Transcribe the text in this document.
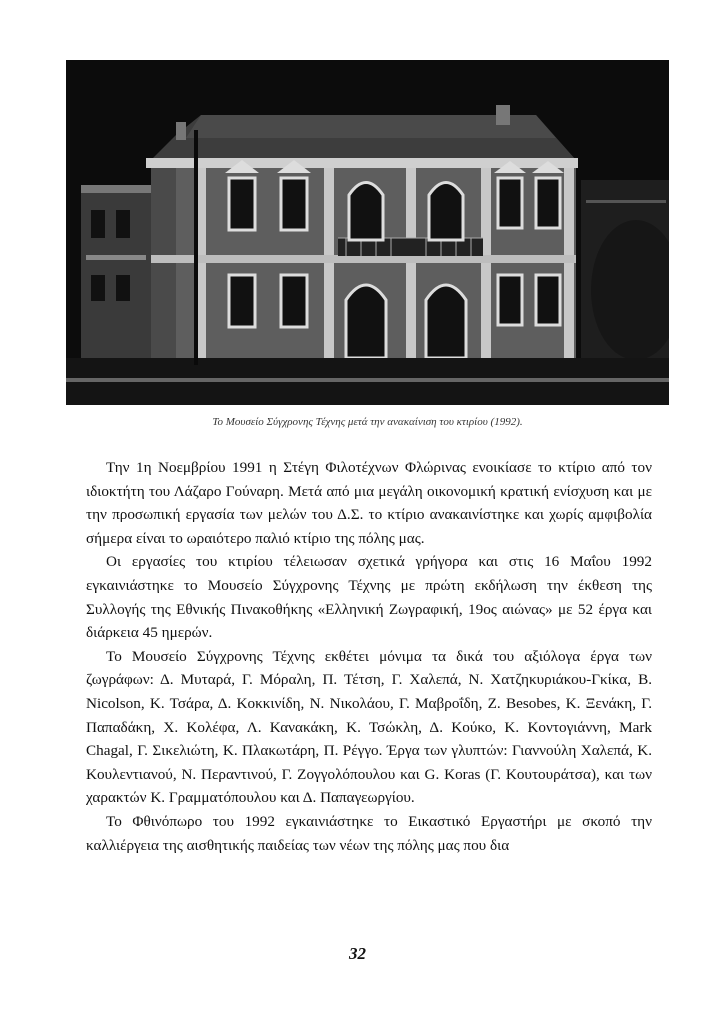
Το Μουσείο Σύγχρονης Τέχνης μετά την ανακαίνιση του κτιρίου (1992).

Την 1η Νοεμβρίου 1991 η Στέγη Φιλοτέχνων Φλώρινας ενοικίασε το κτίριο από τον ιδιοκτήτη του Λάζαρο Γούναρη. Μετά από μια μεγάλη οικονομική κρατική ενίσχυση και με την προσωπική εργασία των μελών του Δ.Σ. το κτίριο ανακαινίστηκε και χωρίς αμφιβολία σήμερα είναι το ωραιότερο παλιό κτίριο της πόλης μας.

Οι εργασίες του κτιρίου τέλειωσαν σχετικά γρήγορα και στις 16 Μαΐου 1992 εγκαινιάστηκε το Μουσείο Σύγχρονης Τέχνης με πρώτη εκδήλωση την έκθεση της Συλλογής της Εθνικής Πινακοθήκης «Ελληνική Ζωγραφική, 19ος αιώνας» με 52 έργα και διάρκεια 45 ημερών.

Το Μουσείο Σύγχρονης Τέχνης εκθέτει μόνιμα τα δικά του αξιόλογα έργα των ζωγράφων: Δ. Μυταρά, Γ. Μόραλη, Π. Τέτση, Γ. Χαλεπά, Ν. Χατζηκυριάκου-Γκίκα, B. Nicolson, Κ. Τσάρα, Δ. Κοκκινίδη, Ν. Νικολάου, Γ. Μαβροΐδη, Z. Besobes, Κ. Ξενάκη, Γ. Παπαδάκη, Χ. Κολέφα, Λ. Κανακάκη, Κ. Τσώκλη, Δ. Κούκο, Κ. Κοντογιάννη, Mark Chagal, Γ. Σικελιώτη, Κ. Πλακωτάρη, Π. Ρέγγο. Έργα των γλυπτών: Γιαννούλη Χαλεπά, Κ. Κουλεντιανού, Ν. Περαντινού, Γ. Ζογγολόπουλου και G. Koras (Γ. Κουτουράτσα), και των χαρακτών Κ. Γραμματόπουλου και Δ. Παπαγεωργίου.

Το Φθινόπωρο του 1992 εγκαινιάστηκε το Εικαστικό Εργαστήρι με σκοπό την καλλιέργεια της αισθητικής παιδείας των νέων της πόλης μας που δια

32
